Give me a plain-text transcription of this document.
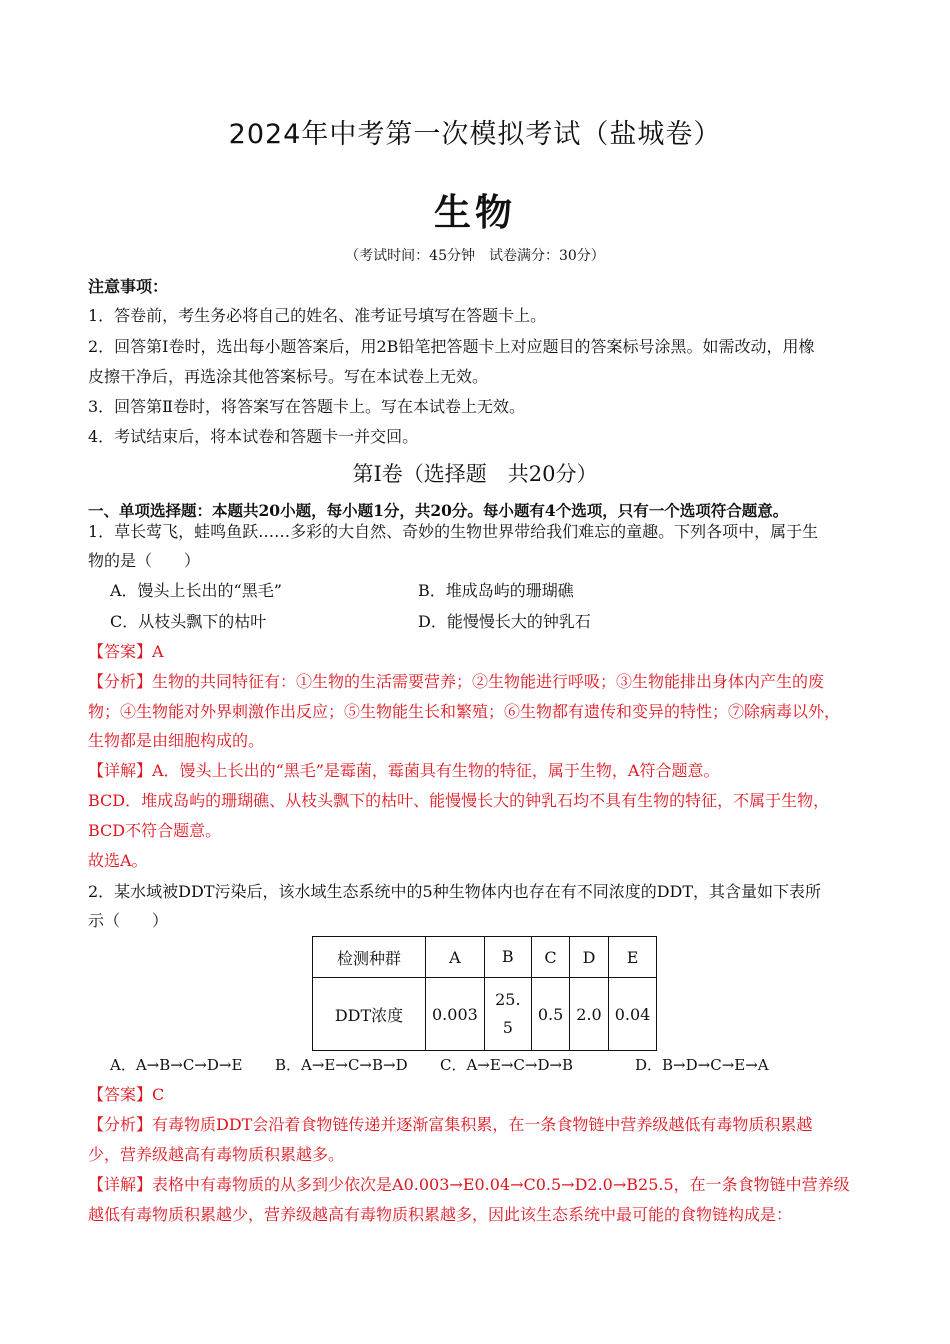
2024年中考第一次模拟考试（盐城卷）
生物
（考试时间：45分钟　试卷满分：30分）
注意事项：
1．答卷前，考生务必将自己的姓名、准考证号填写在答题卡上。
2．回答第Ⅰ卷时，选出每小题答案后，用2B铅笔把答题卡上对应题目的答案标号涂黑。如需改动，用橡
皮擦干净后，再选涂其他答案标号。写在本试卷上无效。
3．回答第Ⅱ卷时，将答案写在答题卡上。写在本试卷上无效。
4．考试结束后，将本试卷和答题卡一并交回。
第Ⅰ卷（选择题　共20分）
一、单项选择题：本题共20小题，每小题1分，共20分。每小题有4个选项，只有一个选项符合题意。
1．草长莺飞，蛙鸣鱼跃……多彩的大自然、奇妙的生物世界带给我们难忘的童趣。下列各项中，属于生
物的是（　　）
A．馒头上长出的“黑毛”	B．堆成岛屿的珊瑚礁
C．从枝头飘下的枯叶	D．能慢慢长大的钟乳石
【答案】A
【分析】生物的共同特征有：①生物的生活需要营养；②生物能进行呼吸；③生物能排出身体内产生的废
物；④生物能对外界刺激作出反应；⑤生物能生长和繁殖；⑥生物都有遗传和变异的特性；⑦除病毒以外，
生物都是由细胞构成的。
【详解】A．馒头上长出的“黑毛”是霉菌，霉菌具有生物的特征，属于生物，A符合题意。
BCD．堆成岛屿的珊瑚礁、从枝头飘下的枯叶、能慢慢长大的钟乳石均不具有生物的特征，不属于生物，
BCD不符合题意。
故选A。
2．某水域被DDT污染后，该水域生态系统中的5种生物体内也存在有不同浓度的DDT，其含量如下表所
示（　　）
检测种群	A	B	C	D	E
DDT浓度	0.003	25.5	0.5	2.0	0.04
A．A→B→C→D→E B．A→E→C→B→D C．A→E→C→D→B	D．B→D→C→E→A
【答案】C
【分析】有毒物质DDT会沿着食物链传递并逐渐富集积累，在一条食物链中营养级越低有毒物质积累越
少，营养级越高有毒物质积累越多。
【详解】表格中有毒物质的从多到少依次是A0.003→E0.04→C0.5→D2.0→B25.5，在一条食物链中营养级
越低有毒物质积累越少，营养级越高有毒物质积累越多，因此该生态系统中最可能的食物链构成是：
